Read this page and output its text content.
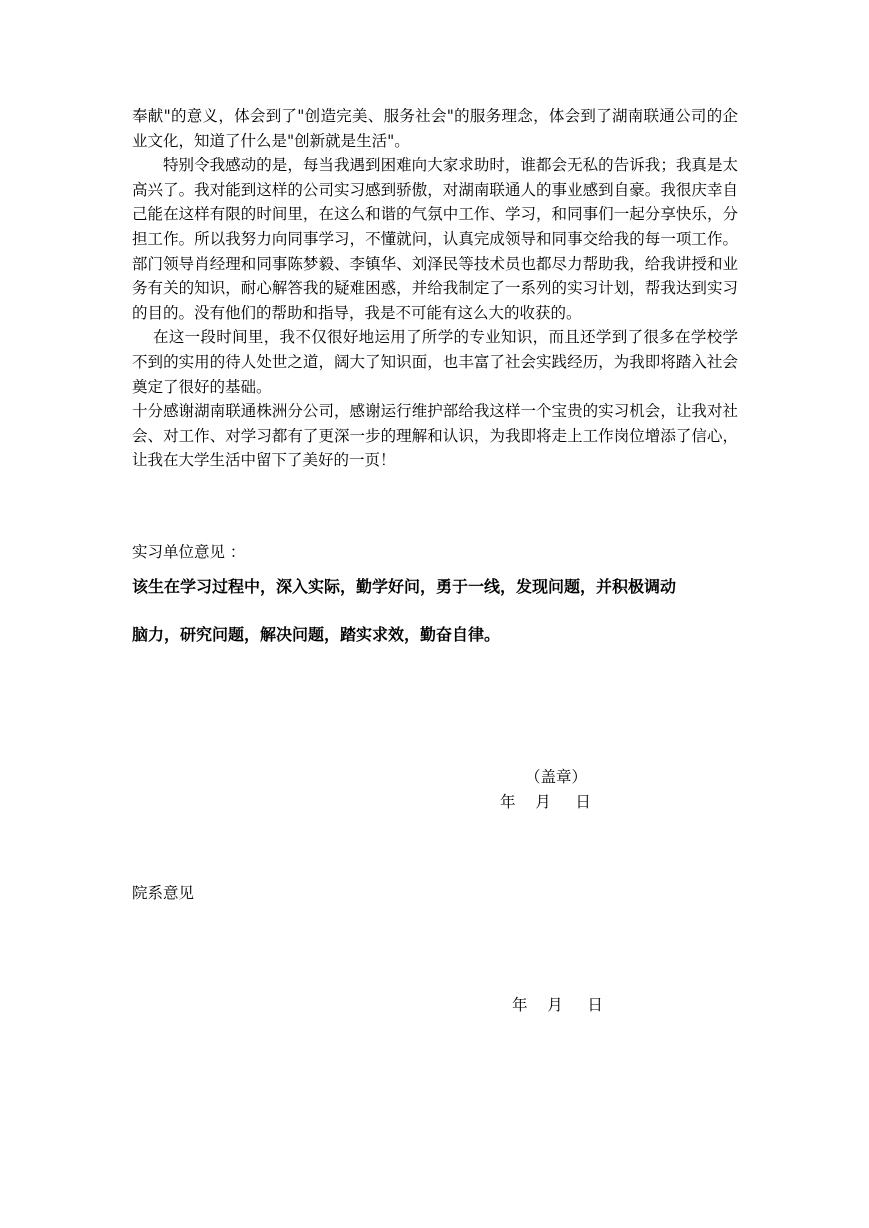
奉献"的意义，体会到了"创造完美、服务社会"的服务理念，体会到了湖南联通公司的企业文化，知道了什么是"创新就是生活"。

特别令我感动的是，每当我遇到困难向大家求助时，谁都会无私的告诉我；我真是太高兴了。我对能到这样的公司实习感到骄傲，对湖南联通人的事业感到自豪。我很庆幸自己能在这样有限的时间里，在这么和谐的气氛中工作、学习，和同事们一起分享快乐，分担工作。所以我努力向同事学习，不懂就问，认真完成领导和同事交给我的每一项工作。部门领导肖经理和同事陈梦毅、李镇华、刘泽民等技术员也都尽力帮助我，给我讲授和业务有关的知识，耐心解答我的疑难困惑，并给我制定了一系列的实习计划，帮我达到实习的目的。没有他们的帮助和指导，我是不可能有这么大的收获的。

在这一段时间里，我不仅很好地运用了所学的专业知识，而且还学到了很多在学校学不到的实用的待人处世之道，阔大了知识面，也丰富了社会实践经历，为我即将踏入社会奠定了很好的基础。

十分感谢湖南联通株洲分公司，感谢运行维护部给我这样一个宝贵的实习机会，让我对社会、对工作、对学习都有了更深一步的理解和认识，为我即将走上工作岗位增添了信心，让我在大学生活中留下了美好的一页！

实习单位意见 ：
该生在学习过程中，深入实际，勤学好问，勇于一线，发现问题，并积极调动
脑力，研究问题，解决问题，踏实求效，勤奋自律。
（盖章）
年    月     日
院系意见
年    月     日
